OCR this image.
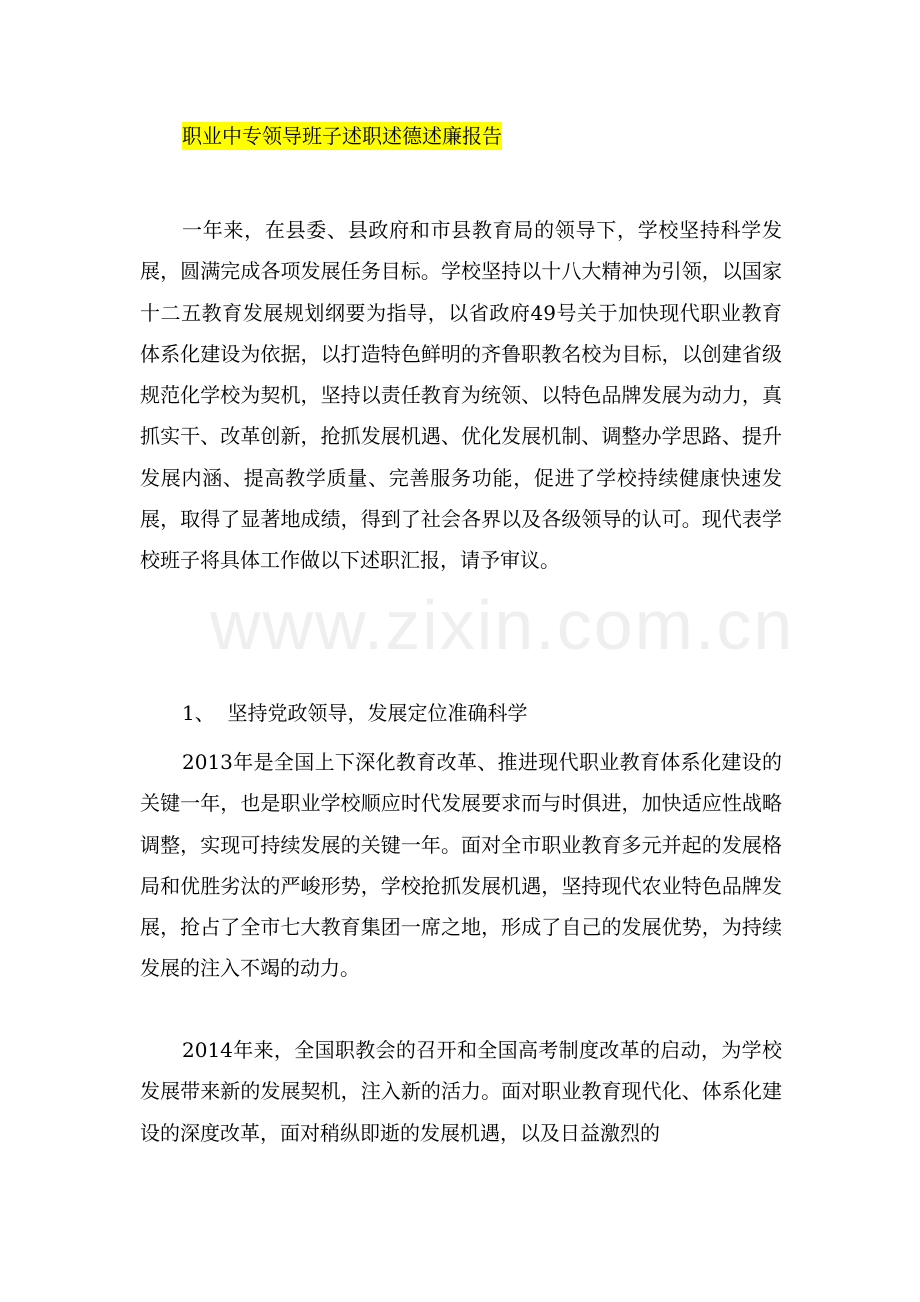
职业中专领导班子述职述德述廉报告
www.zixin.com.cn

一年来，在县委、县政府和市县教育局的领导下，学校坚持科学发展，圆满完成各项发展任务目标。学校坚持以十八大精神为引领，以国家十二五教育发展规划纲要为指导，以省政府49号关于加快现代职业教育体系化建设为依据，以打造特色鲜明的齐鲁职教名校为目标，以创建省级规范化学校为契机，坚持以责任教育为统领、以特色品牌发展为动力，真抓实干、改革创新，抢抓发展机遇、优化发展机制、调整办学思路、提升发展内涵、提高教学质量、完善服务功能，促进了学校持续健康快速发展，取得了显著地成绩，得到了社会各界以及各级领导的认可。现代表学校班子将具体工作做以下述职汇报，请予审议。

1、  坚持党政领导，发展定位准确科学

2013年是全国上下深化教育改革、推进现代职业教育体系化建设的关键一年，也是职业学校顺应时代发展要求而与时俱进，加快适应性战略调整，实现可持续发展的关键一年。面对全市职业教育多元并起的发展格局和优胜劣汰的严峻形势，学校抢抓发展机遇，坚持现代农业特色品牌发展，抢占了全市七大教育集团一席之地，形成了自己的发展优势，为持续发展的注入不竭的动力。

2014年来，全国职教会的召开和全国高考制度改革的启动，为学校发展带来新的发展契机，注入新的活力。面对职业教育现代化、体系化建设的深度改革，面对稍纵即逝的发展机遇，以及日益激烈的
